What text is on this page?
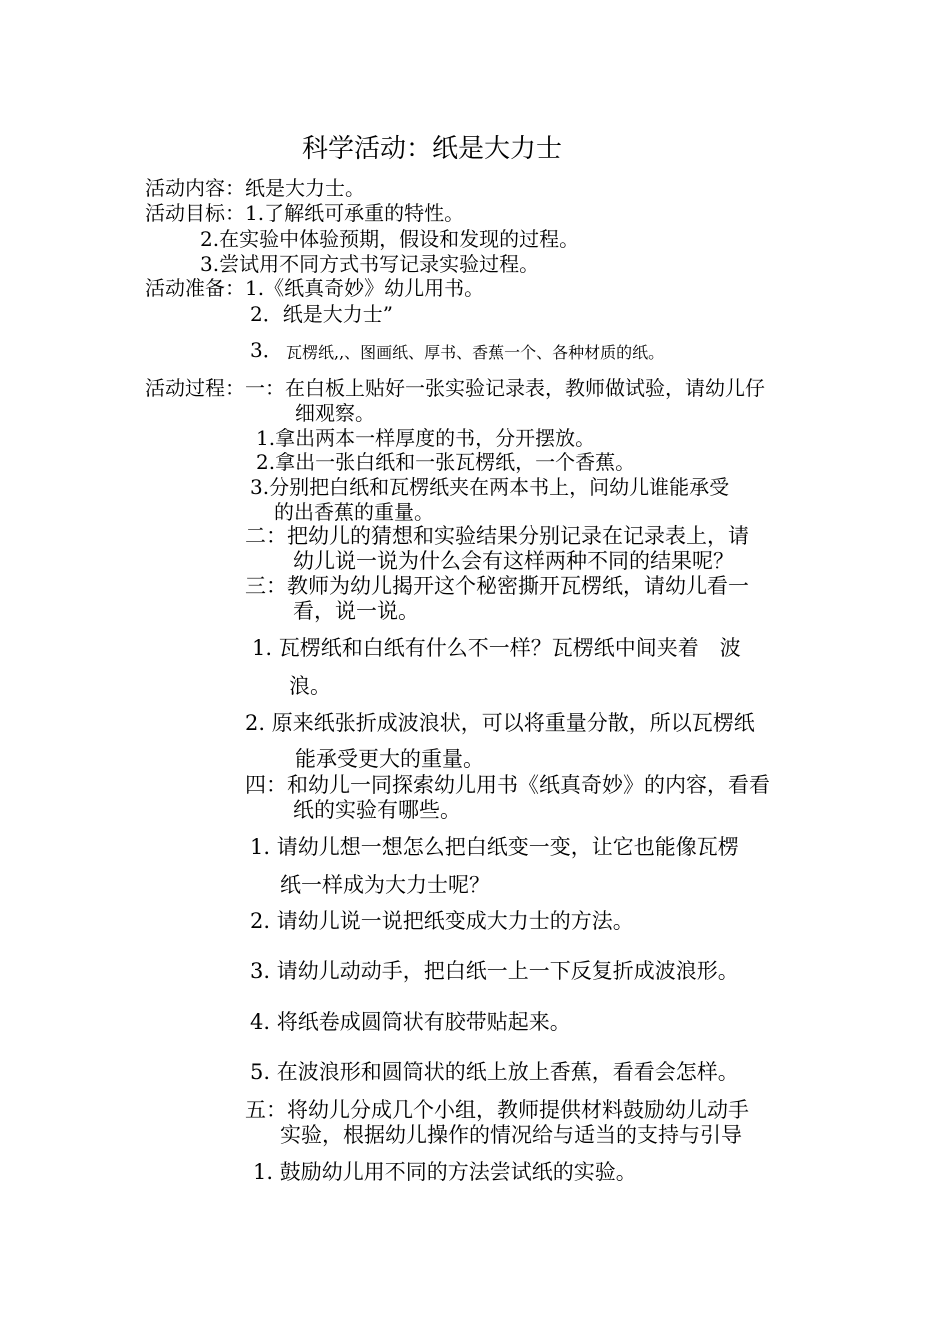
科学活动：纸是大力士
活动内容：纸是大力士。
活动目标：1.了解纸可承重的特性。
2.在实验中体验预期，假设和发现的过程。
3.尝试用不同方式书写记录实验过程。
活动准备：1.《纸真奇妙》幼儿用书。
2．纸是大力士”
3． 瓦楞纸,,、图画纸、厚书、香蕉一个、各种材质的纸。
活动过程：一：在白板上贴好一张实验记录表，教师做试验，请幼儿仔
细观察。
1.拿出两本一样厚度的书，分开摆放。
2.拿出一张白纸和一张瓦楞纸，一个香蕉。
3.分别把白纸和瓦楞纸夹在两本书上，问幼儿谁能承受
的出香蕉的重量。
二：把幼儿的猜想和实验结果分别记录在记录表上，请
幼儿说一说为什么会有这样两种不同的结果呢？
三：教师为幼儿揭开这个秘密撕开瓦楞纸，请幼儿看一
看，说一说。
1. 瓦楞纸和白纸有什么不一样？瓦楞纸中间夹着　波
浪。
2. 原来纸张折成波浪状，可以将重量分散，所以瓦楞纸
能承受更大的重量。
四：和幼儿一同探索幼儿用书《纸真奇妙》的内容，看看
纸的实验有哪些。
1. 请幼儿想一想怎么把白纸变一变，让它也能像瓦楞
纸一样成为大力士呢？
2. 请幼儿说一说把纸变成大力士的方法。
3. 请幼儿动动手，把白纸一上一下反复折成波浪形。
4. 将纸卷成圆筒状有胶带贴起来。
5. 在波浪形和圆筒状的纸上放上香蕉，看看会怎样。
五：将幼儿分成几个小组，教师提供材料鼓励幼儿动手
实验，根据幼儿操作的情况给与适当的支持与引导
1. 鼓励幼儿用不同的方法尝试纸的实验。
